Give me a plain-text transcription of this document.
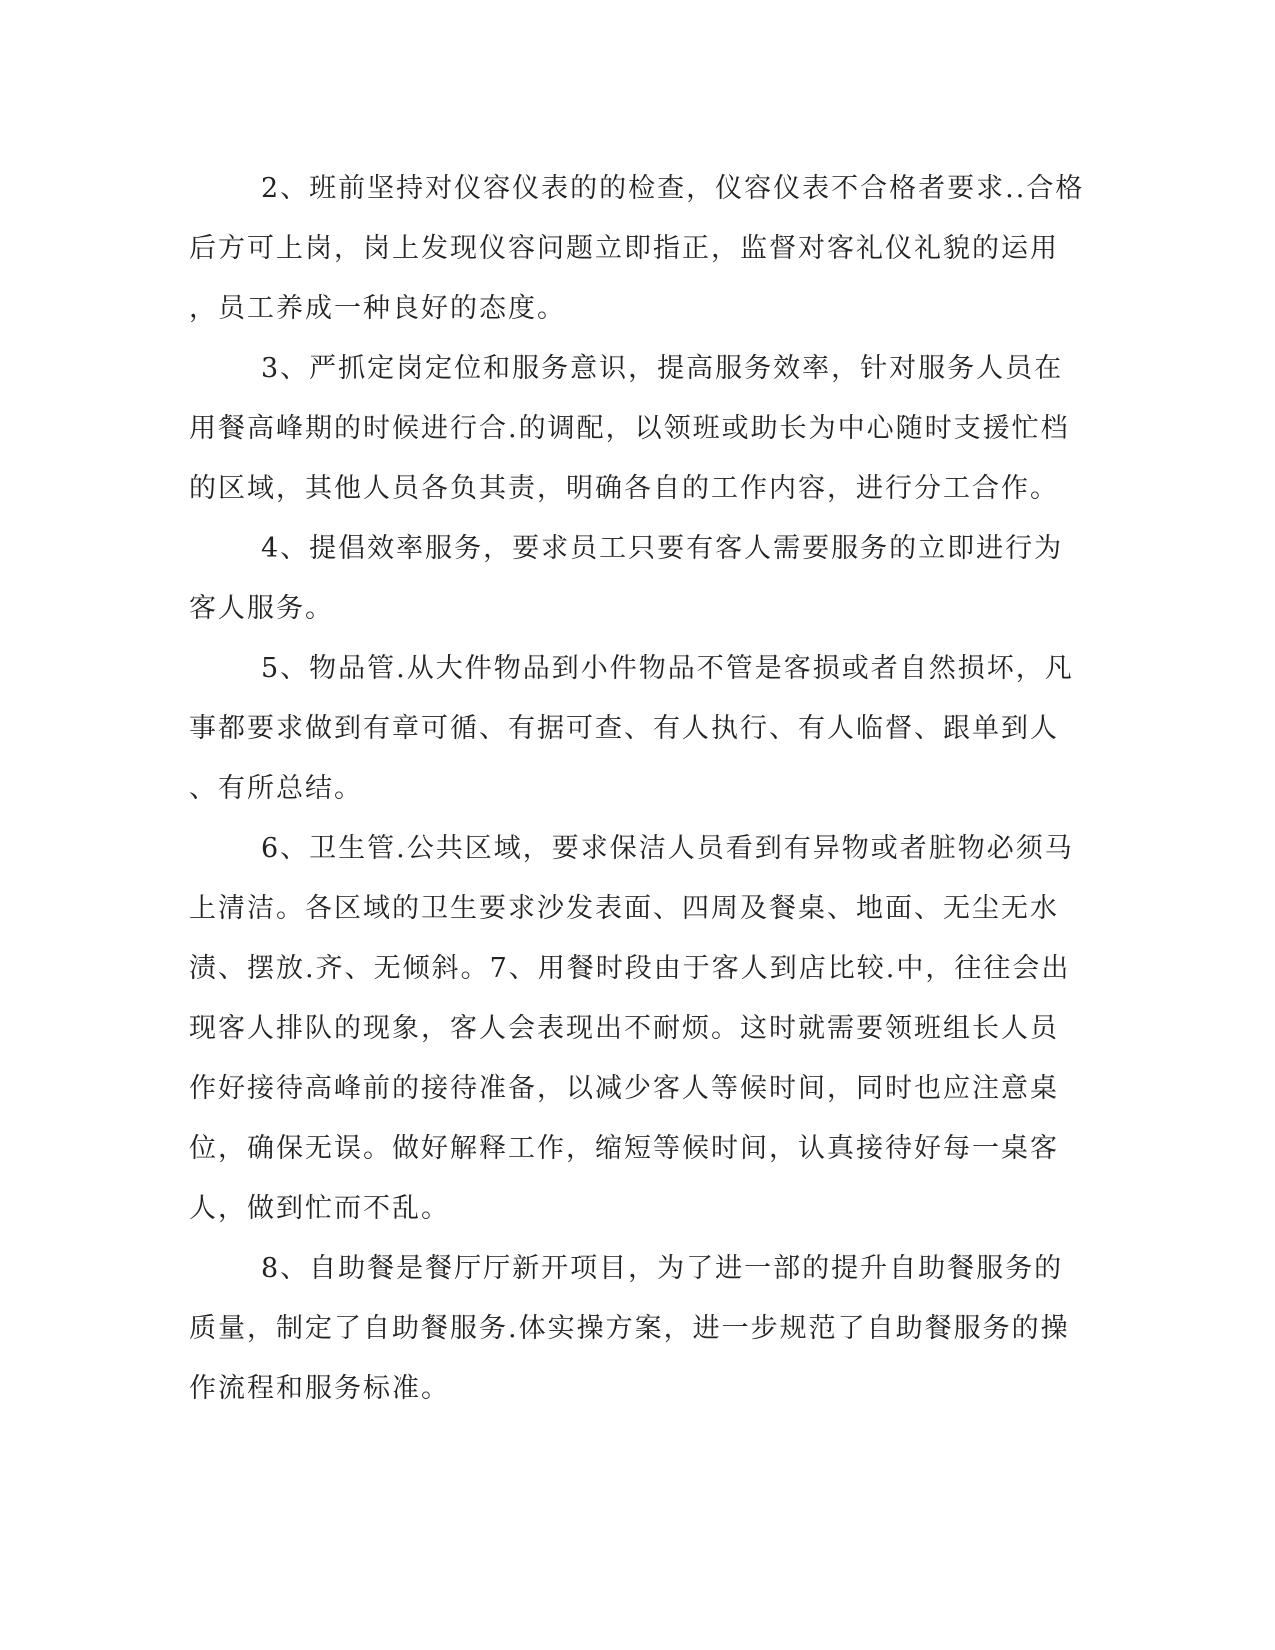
2、班前坚持对仪容仪表的的检查，仪容仪表不合格者要求..合格
后方可上岗，岗上发现仪容问题立即指正，监督对客礼仪礼貌的运用
，员工养成一种良好的态度。
3、严抓定岗定位和服务意识，提高服务效率，针对服务人员在
用餐高峰期的时候进行合.的调配，以领班或助长为中心随时支援忙档
的区域，其他人员各负其责，明确各自的工作内容，进行分工合作。
4、提倡效率服务，要求员工只要有客人需要服务的立即进行为
客人服务。
5、物品管.从大件物品到小件物品不管是客损或者自然损坏，凡
事都要求做到有章可循、有据可查、有人执行、有人临督、跟单到人
、有所总结。
6、卫生管.公共区域，要求保洁人员看到有异物或者脏物必须马
上清洁。各区域的卫生要求沙发表面、四周及餐桌、地面、无尘无水
渍、摆放.齐、无倾斜。7、用餐时段由于客人到店比较.中，往往会出
现客人排队的现象，客人会表现出不耐烦。这时就需要领班组长人员
作好接待高峰前的接待准备，以减少客人等候时间，同时也应注意桌
位，确保无误。做好解释工作，缩短等候时间，认真接待好每一桌客
人，做到忙而不乱。
8、自助餐是餐厅厅新开项目，为了进一部的提升自助餐服务的
质量，制定了自助餐服务.体实操方案，进一步规范了自助餐服务的操
作流程和服务标准。
